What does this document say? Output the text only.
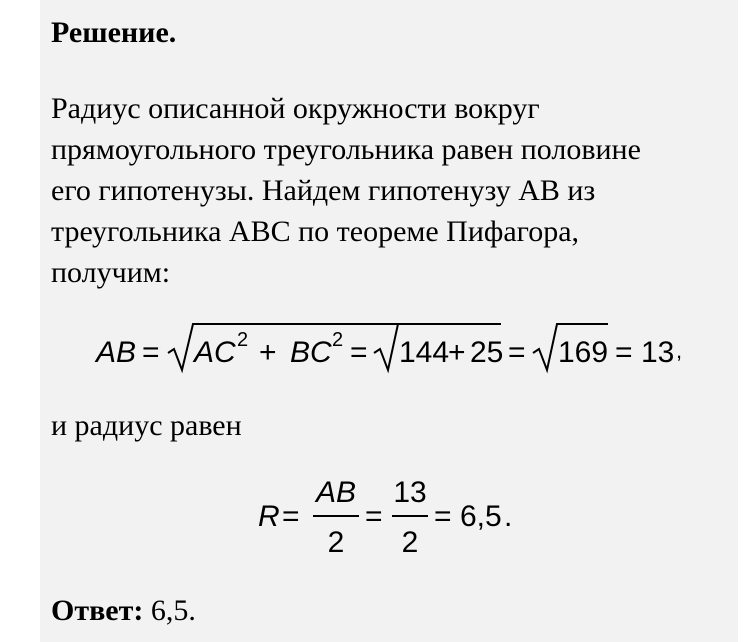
Решение.

Радиус описанной окружности вокруг
прямоугольного треугольника равен половине
его гипотенузы. Найдем гипотенузу AB из
треугольника ABC по теореме Пифагора,
получим:

AB = AC 2 + BC 2 = 144
+ 25 = 169 = 13 ,

и радиус равен

R =
AB
2
=
13
2
= 6,5 .

Ответ: 6,5.
